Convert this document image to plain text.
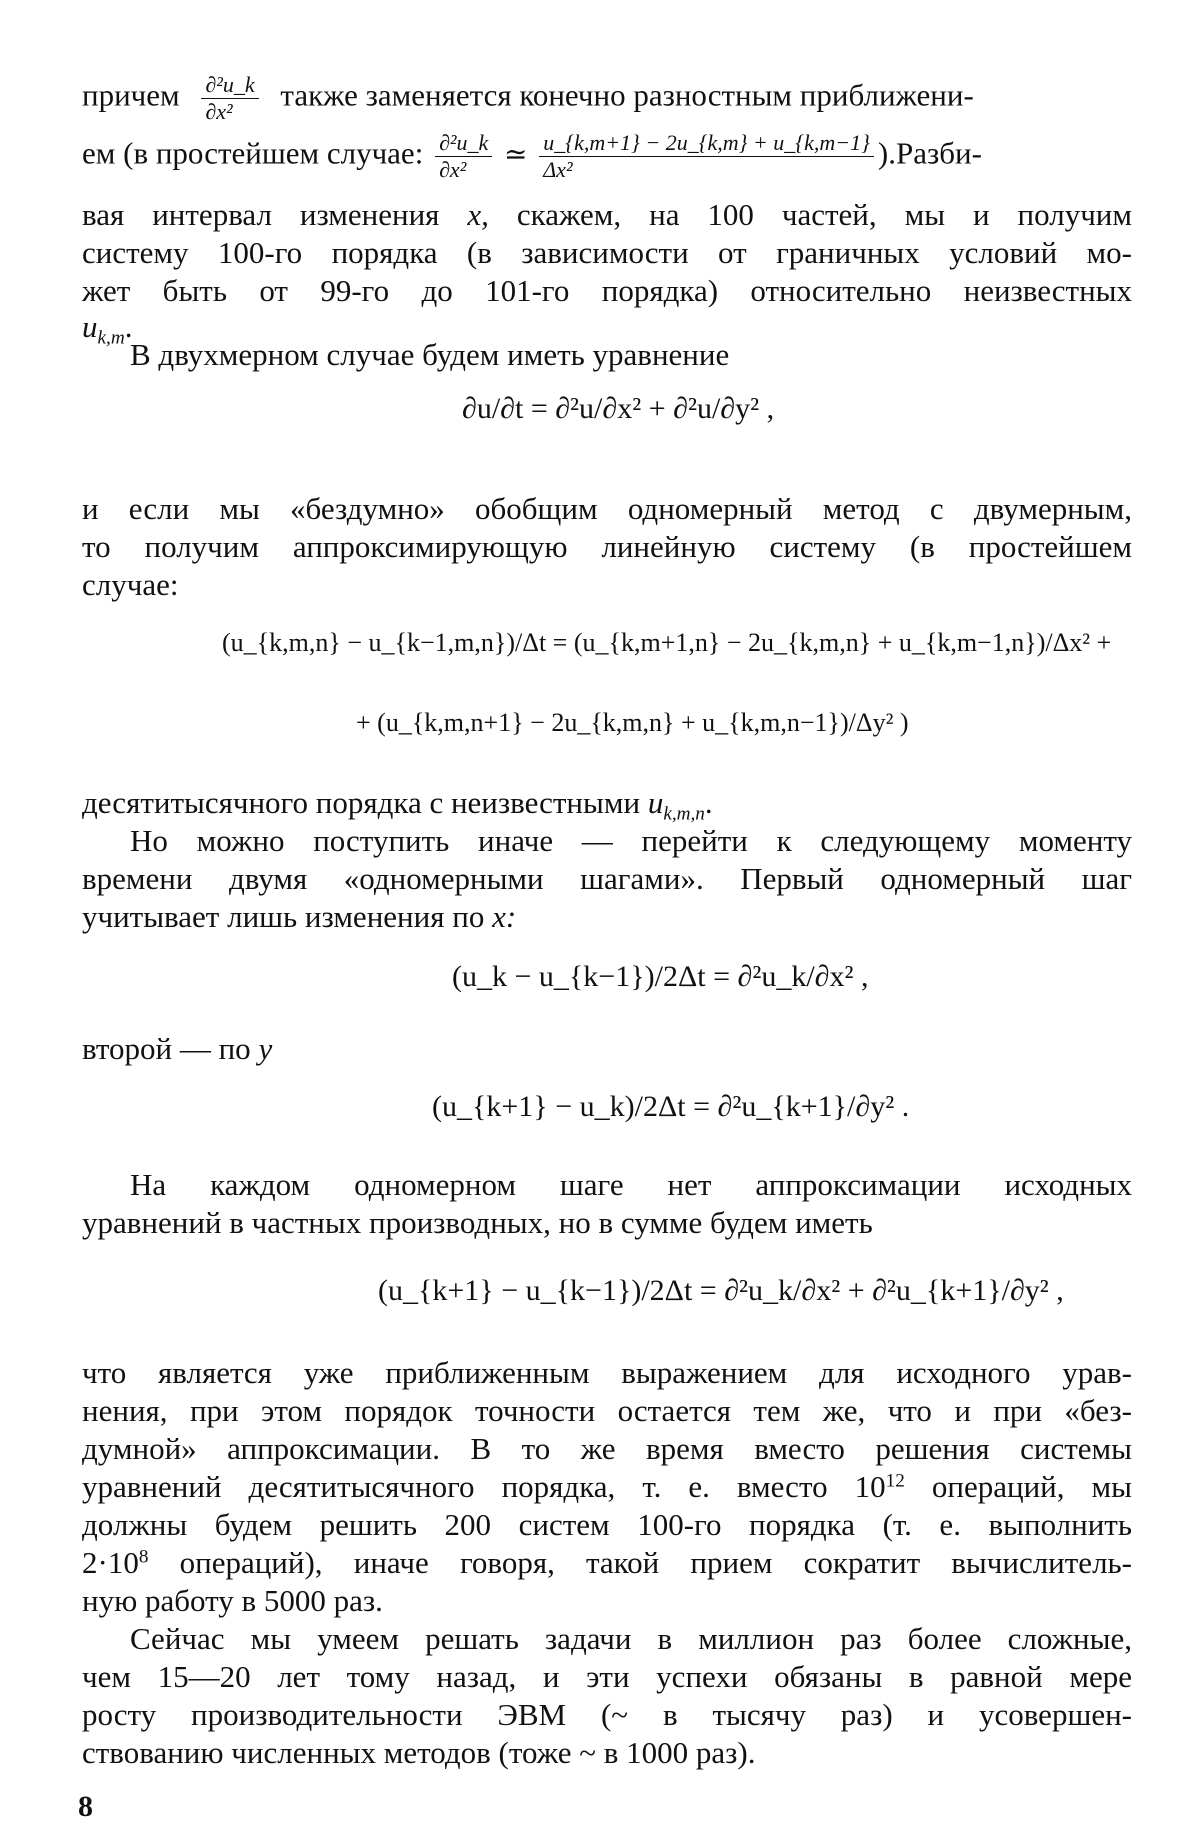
причем $\frac{\text{∂²u\_k}}{\text{∂x²}}$ также заменяется конечно разностным приближени-
ем (в простейшем случае: $\frac{\text{∂²u\_k}}{\text{∂x²}}$ ≃ $\frac{u\_\{k,m+1\} - 2u\_\{k,m\} + u\_\{k,m-1\}}{\text{Δx²}}$ ).Разби-
вая интервал изменения x, скажем, на 100 частей, мы и получим
систему 100-го порядка (в зависимости от граничных условий мо-
жет быть от 99-го до 101-го порядка) относительно неизвестных
$u_{k,m}$.
В двухмерном случае будем иметь уравнение
∂u/∂t = ∂²u/∂x² + ∂²u/∂y² ,
и если мы «бездумно» обобщим одномерный метод с двумерным,
то получим аппроксимирующую линейную систему (в простейшем
случае:
(u_{k,m,n} − u_{k−1,m,n})/Δt = (u_{k,m+1,n} − 2u_{k,m,n} + u_{k,m−1,n})/Δx² +
+ (u_{k,m,n+1} − 2u_{k,m,n} + u_{k,m,n−1})/Δy² )
десятитысячного порядка с неизвестными $u_{k,m,n}$.
Но можно поступить иначе — перейти к следующему моменту
времени двумя «одномерными шагами». Первый одномерный шаг
учитывает лишь изменения по x:
(u_k − u_{k−1})/2Δt = ∂²u_k/∂x² ,
второй — по y
(u_{k+1} − u_k)/2Δt = ∂²u_{k+1}/∂y² .
На каждом одномерном шаге нет аппроксимации исходных
уравнений в частных производных, но в сумме будем иметь
(u_{k+1} − u_{k−1})/2Δt = ∂²u_k/∂x² + ∂²u_{k+1}/∂y² ,
что является уже приближенным выражением для исходного урав-
нения, при этом порядок точности остается тем же, что и при «без-
думной» аппроксимации. В то же время вместо решения системы
уравнений десятитысячного порядка, т. е. вместо $10^{12}$ операций, мы
должны будем решить 200 систем 100-го порядка (т. е. выполнить
$2\cdot 10^8$ операций), иначе говоря, такой прием сократит вычислитель-
ную работу в 5000 раз.
Сейчас мы умеем решать задачи в миллион раз более сложные,
чем 15—20 лет тому назад, и эти успехи обязаны в равной мере
росту производительности ЭВМ (~ в тысячу раз) и усовершен-
ствованию численных методов (тоже ~ в 1000 раз).
8
